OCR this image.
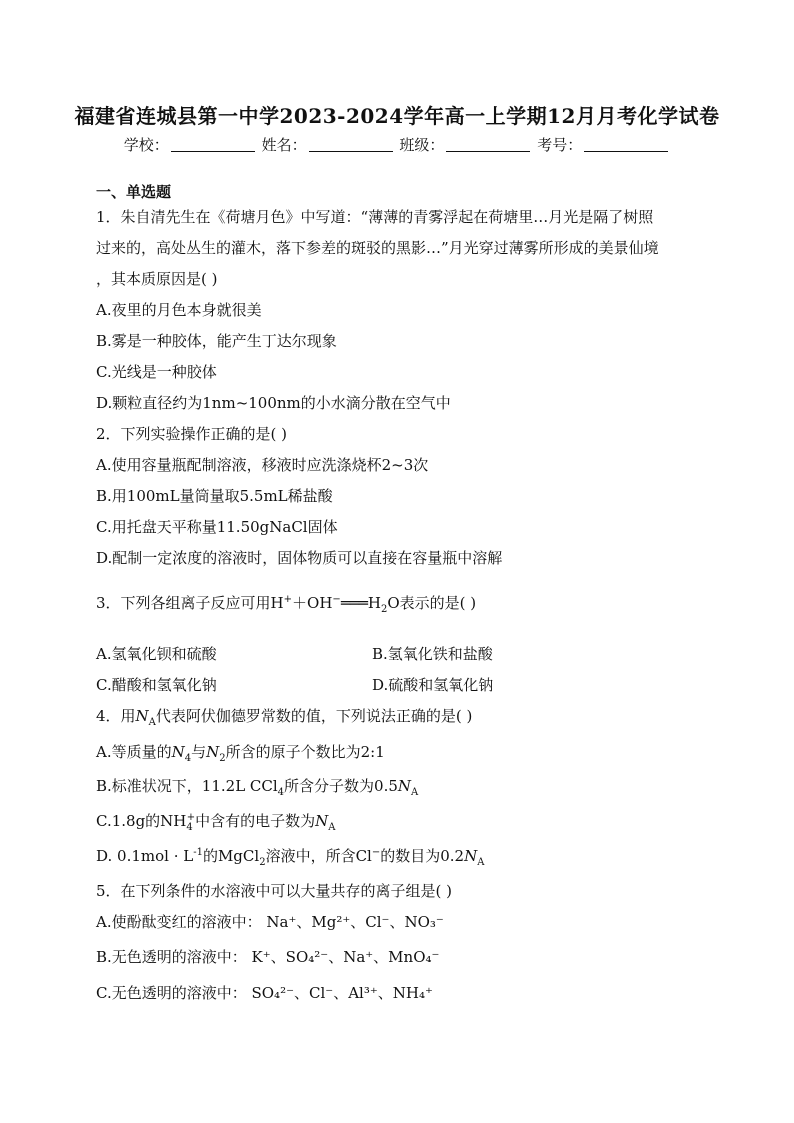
福建省连城县第一中学2023-2024学年高一上学期12月月考化学试卷
学校：	姓名：	班级：	考号：
一、单选题
1．朱自清先生在《荷塘月色》中写道：“薄薄的青雾浮起在荷塘里…月光是隔了树照
过来的，高处丛生的灌木，落下参差的斑驳的黑影…”月光穿过薄雾所形成的美景仙境
，其本质原因是( )
A.夜里的月色本身就很美
B.雾是一种胶体，能产生丁达尔现象
C.光线是一种胶体
D.颗粒直径约为1nm~100nm的小水滴分散在空气中
2．下列实验操作正确的是( )
A.使用容量瓶配制溶液，移液时应洗涤烧杯2~3次
B.用100mL量筒量取5.5mL稀盐酸
C.用托盘天平称量11.50gNaCl固体
D.配制一定浓度的溶液时，固体物质可以直接在容量瓶中溶解
3．下列各组离子反应可用$H^++OH^-═══H_2O$表示的是( )
A.氢氧化钡和硫酸	B.氢氧化铁和盐酸
C.醋酸和氢氧化钠	D.硫酸和氢氧化钠
4．用$N_A$代表阿伏伽德罗常数的值，下列说法正确的是( )
A.等质量的$N_4$与$N_2$所含的原子个数比为2:1
B.标准状况下，11.2L CCl$_4$所含分子数为$0.5N_A$
C.1.8g的$NH_4^+$中含有的电子数为$N_A$
D. $0.1mol \cdot L^{-1}$的MgCl$_2$溶液中，所含Cl−的数目为$0.2N_A$
5．在下列条件的水溶液中可以大量共存的离子组是( )
A.使酚酞变红的溶液中： Na⁺、Mg²⁺、Cl⁻、NO₃⁻
B.无色透明的溶液中： K⁺、SO₄²⁻、Na⁺、MnO₄⁻
C.无色透明的溶液中： SO₄²⁻、Cl⁻、Al³⁺、NH₄⁺
